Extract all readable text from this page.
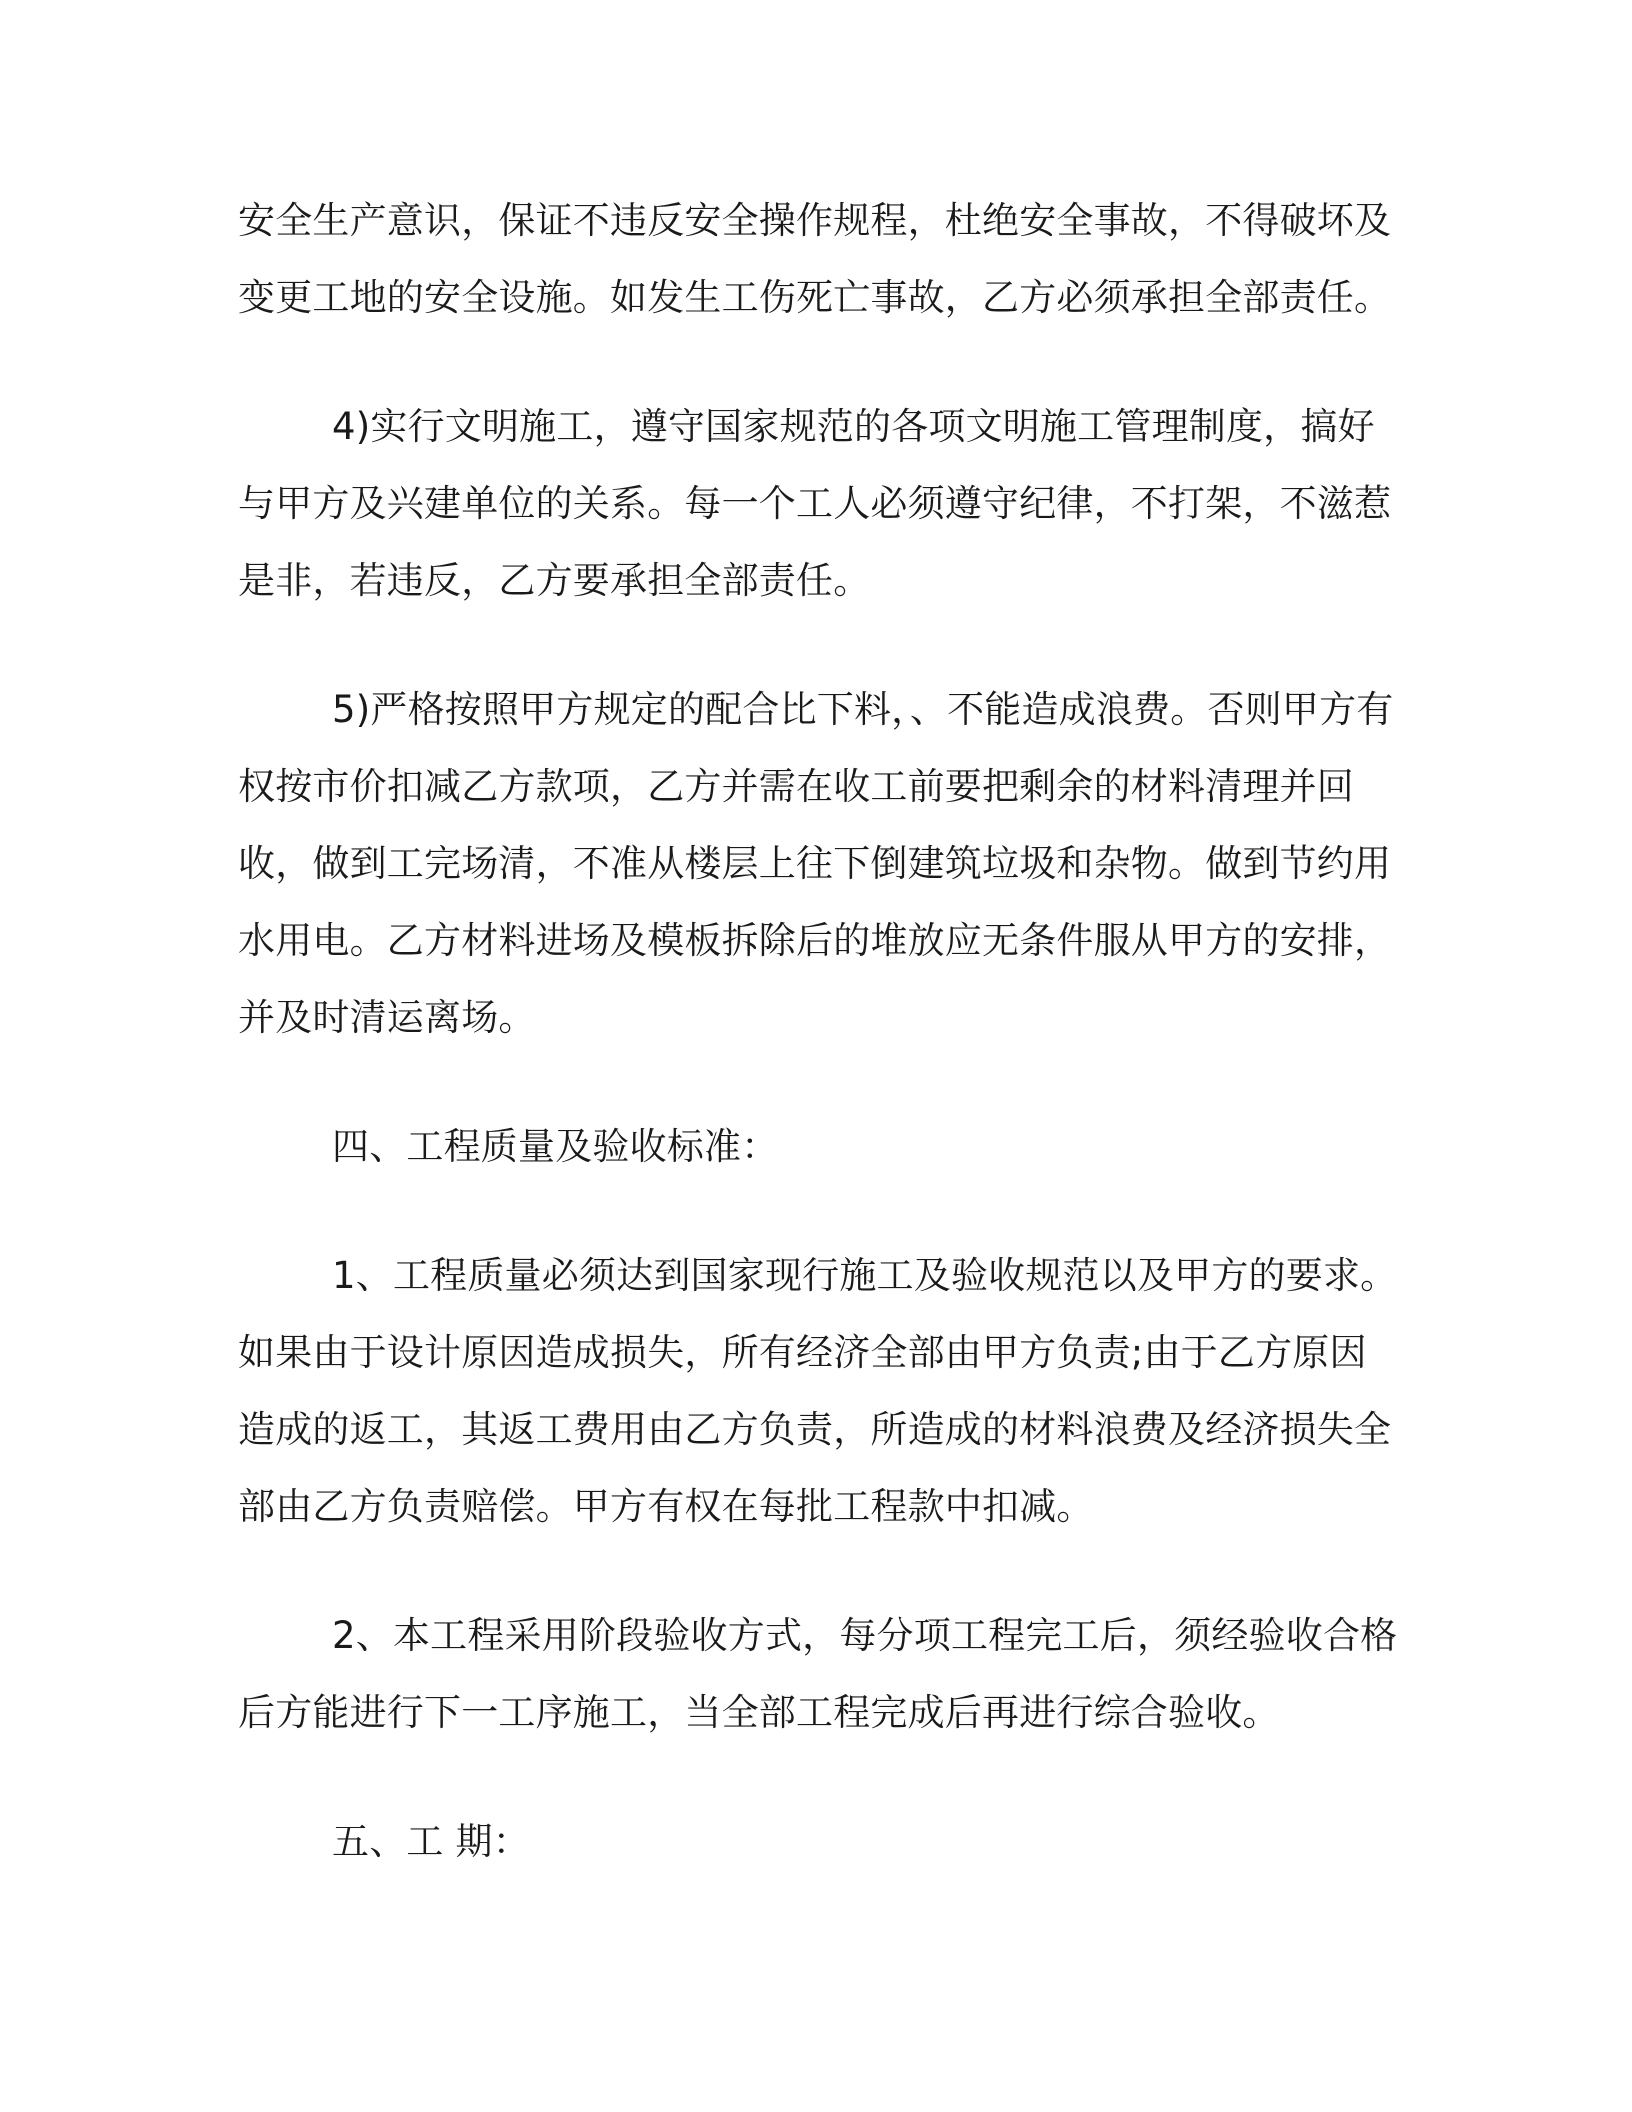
安全生产意识，保证不违反安全操作规程，杜绝安全事故，不得破坏及变更工地的安全设施。如发生工伤死亡事故，乙方必须承担全部责任。

4)实行文明施工，遵守国家规范的各项文明施工管理制度，搞好与甲方及兴建单位的关系。每一个工人必须遵守纪律，不打架，不滋惹是非，若违反，乙方要承担全部责任。

5)严格按照甲方规定的配合比下料，、不能造成浪费。否则甲方有权按市价扣减乙方款项，乙方并需在收工前要把剩余的材料清理并回收，做到工完场清，不准从楼层上往下倒建筑垃圾和杂物。做到节约用水用电。乙方材料进场及模板拆除后的堆放应无条件服从甲方的安排，并及时清运离场。

四、工程质量及验收标准：

1、工程质量必须达到国家现行施工及验收规范以及甲方的要求。如果由于设计原因造成损失，所有经济全部由甲方负责;由于乙方原因造成的返工，其返工费用由乙方负责，所造成的材料浪费及经济损失全部由乙方负责赔偿。甲方有权在每批工程款中扣减。

2、本工程采用阶段验收方式，每分项工程完工后，须经验收合格后方能进行下一工序施工，当全部工程完成后再进行综合验收。

五、工 期：
